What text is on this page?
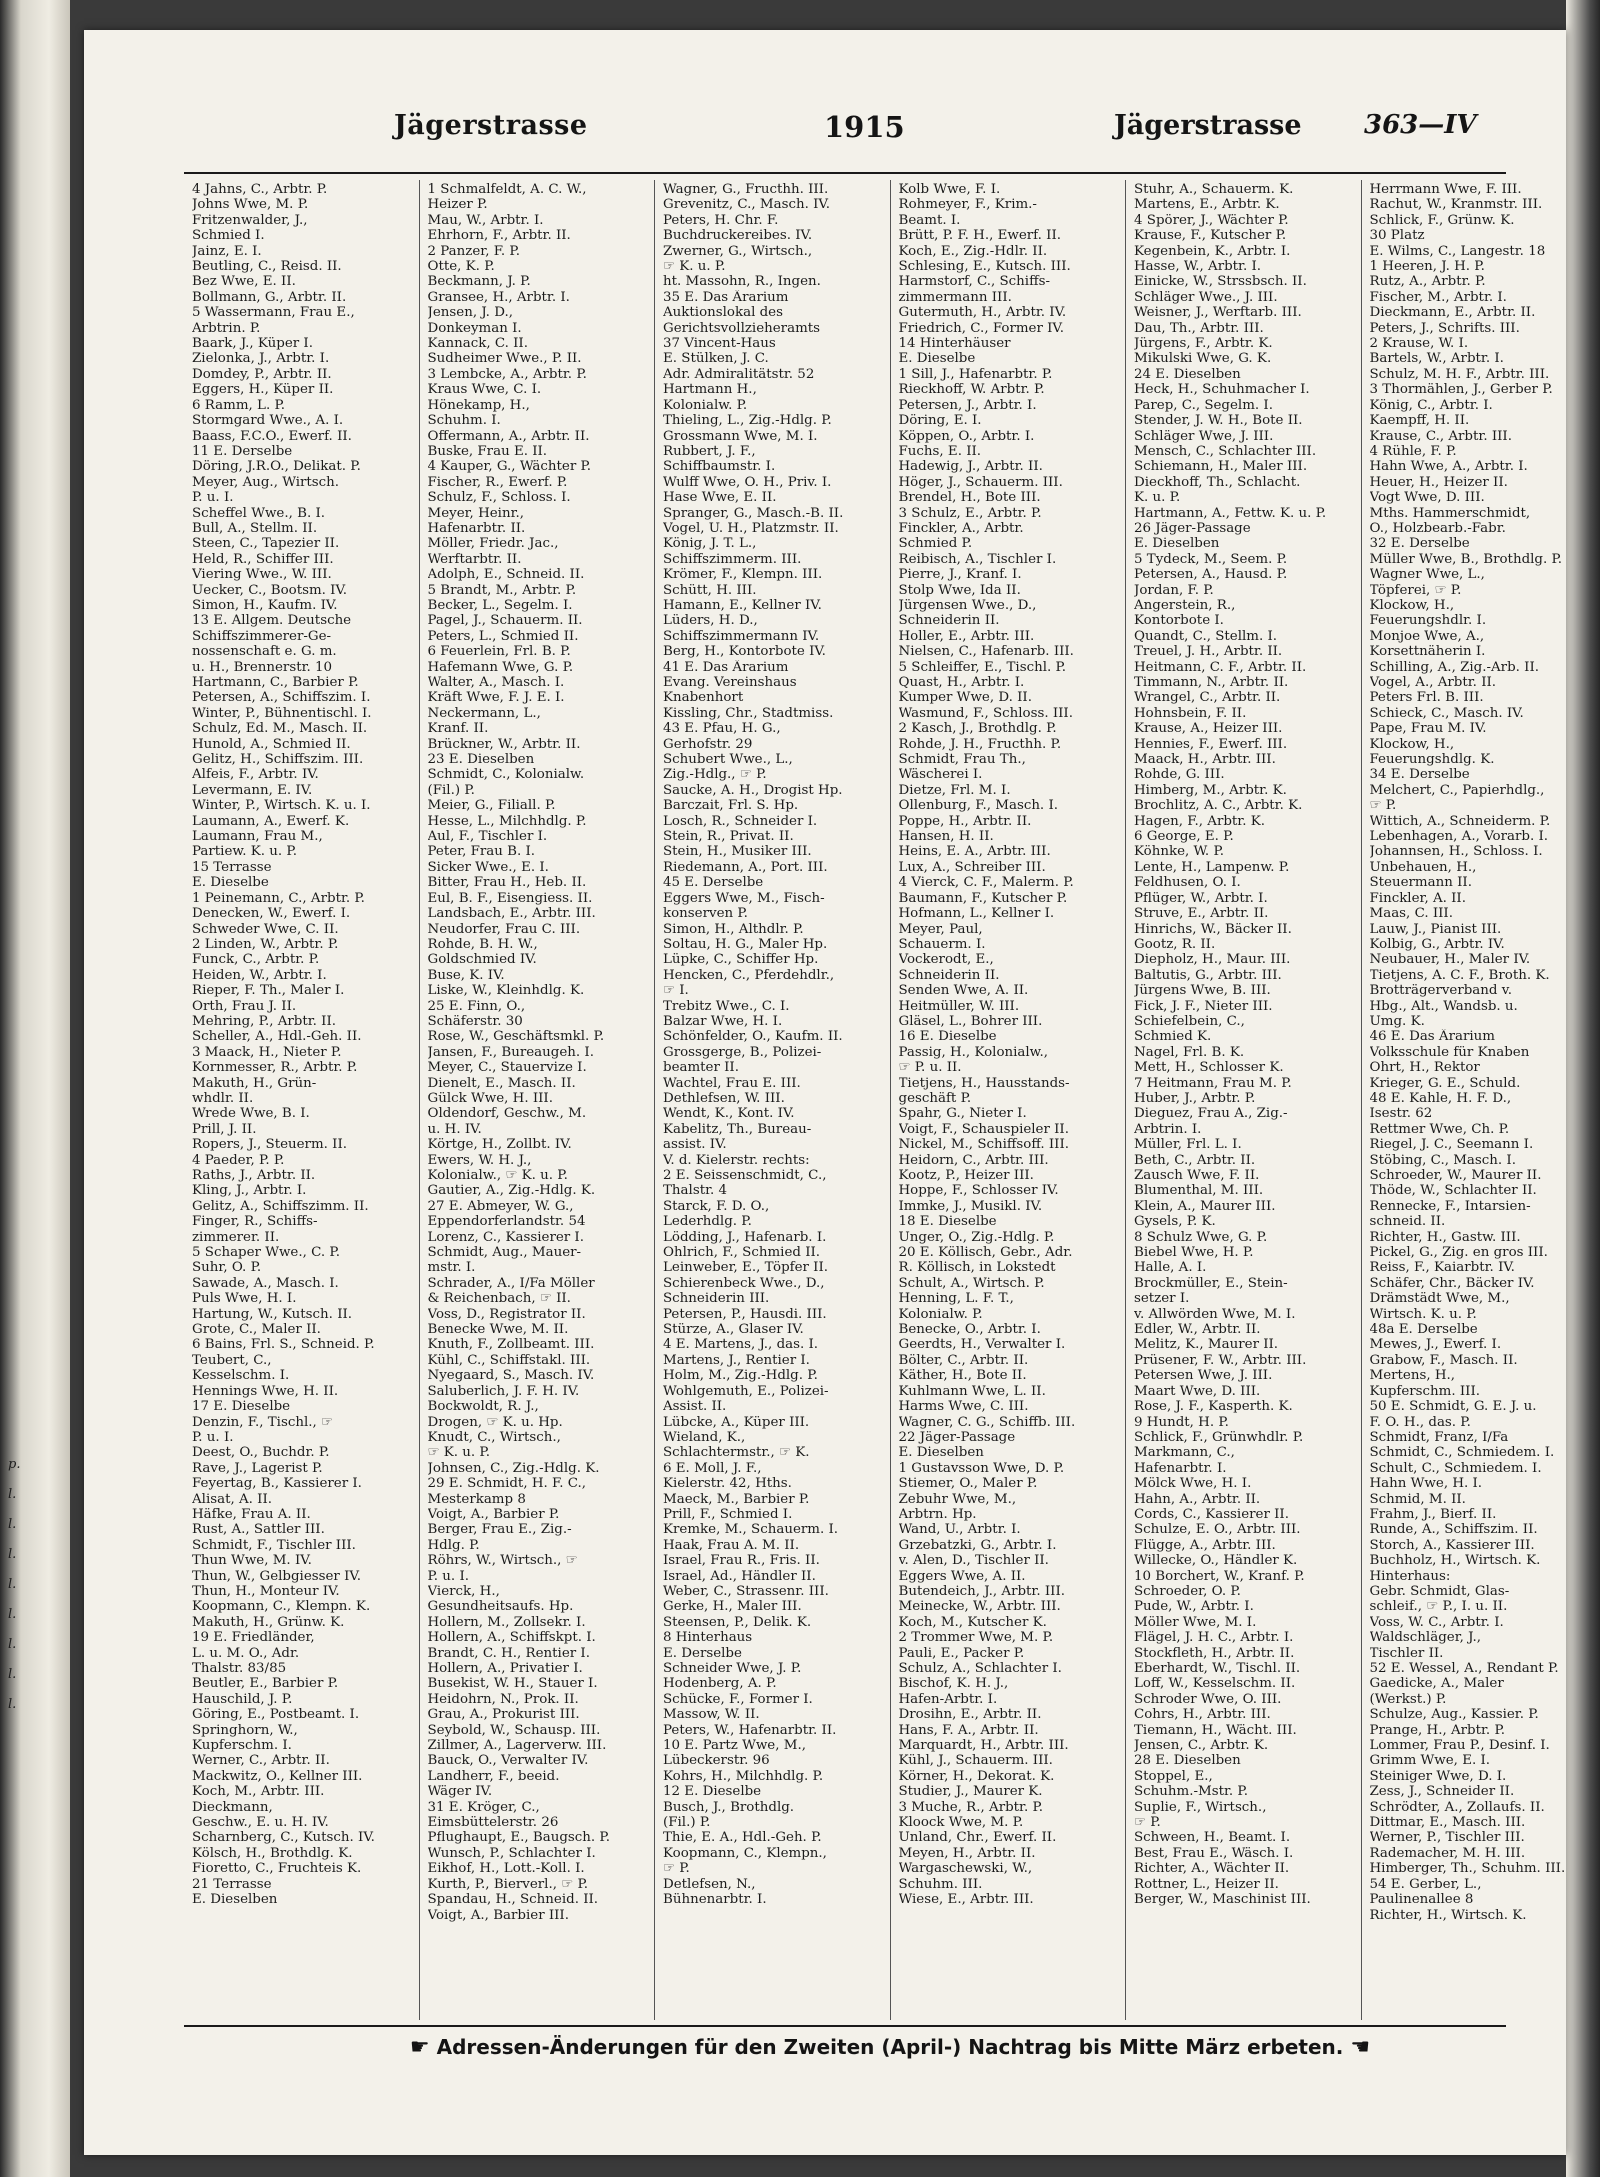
p.
l.
l.
l.
l.
l.
l.
l.
l.
Jägerstrasse	1915	Jägerstrasse 363—IV
4 Jahns, C., Arbtr. P.
Johns Wwe, M. P.
Fritzenwalder, J.,
Schmied I.
Jainz, E. I.
Beutling, C., Reisd. II.
Bez Wwe, E. II.
Bollmann, G., Arbtr. II.
5 Wassermann, Frau E.,
Arbtrin. P.
Baark, J., Küper I.
Zielonka, J., Arbtr. I.
Domdey, P., Arbtr. II.
Eggers, H., Küper II.
6 Ramm, L. P.
Stormgard Wwe., A. I.
Baass, F.C.O., Ewerf. II.
11 E. Derselbe
Döring, J.R.O., Delikat. P.
Meyer, Aug., Wirtsch.
P. u. I.
Scheffel Wwe., B. I.
Bull, A., Stellm. II.
Steen, C., Tapezier II.
Held, R., Schiffer III.
Viering Wwe., W. III.
Uecker, C., Bootsm. IV.
Simon, H., Kaufm. IV.
13 E. Allgem. Deutsche
Schiffszimmerer-Ge-
nossenschaft e. G. m.
u. H., Brennerstr. 10
Hartmann, C., Barbier P.
Petersen, A., Schiffszim. I.
Winter, P., Bühnentischl. I.
Schulz, Ed. M., Masch. II.
Hunold, A., Schmied II.
Gelitz, H., Schiffszim. III.
Alfeis, F., Arbtr. IV.
Levermann, E. IV.
Winter, P., Wirtsch. K. u. I.
Laumann, A., Ewerf. K.
Laumann, Frau M.,
Partiew. K. u. P.
15 Terrasse
E. Dieselbe
1 Peinemann, C., Arbtr. P.
Denecken, W., Ewerf. I.
Schweder Wwe, C. II.
2 Linden, W., Arbtr. P.
Funck, C., Arbtr. P.
Heiden, W., Arbtr. I.
Rieper, F. Th., Maler I.
Orth, Frau J. II.
Mehring, P., Arbtr. II.
Scheller, A., Hdl.-Geh. II.
3 Maack, H., Nieter P.
Kornmesser, R., Arbtr. P.
Makuth, H., Grün-
whdlr. II.
Wrede Wwe, B. I.
Prill, J. II.
Ropers, J., Steuerm. II.
4 Paeder, P. P.
Raths, J., Arbtr. II.
Kling, J., Arbtr. I.
Gelitz, A., Schiffszimm. II.
Finger, R., Schiffs-
zimmerer. II.
5 Schaper Wwe., C. P.
Suhr, O. P.
Sawade, A., Masch. I.
Puls Wwe, H. I.
Hartung, W., Kutsch. II.
Grote, C., Maler II.
6 Bains, Frl. S., Schneid. P.
Teubert, C.,
Kesselschm. I.
Hennings Wwe, H. II.
17 E. Dieselbe
Denzin, F., Tischl., ☞
P. u. I.
Deest, O., Buchdr. P.
Rave, J., Lagerist P.
Feyertag, B., Kassierer I.
Alisat, A. II.
Häfke, Frau A. II.
Rust, A., Sattler III.
Schmidt, F., Tischler III.
Thun Wwe, M. IV.
Thun, W., Gelbgiesser IV.
Thun, H., Monteur IV.
Koopmann, C., Klempn. K.
Makuth, H., Grünw. K.
19 E. Friedländer,
L. u. M. O., Adr.
Thalstr. 83/85
Beutler, E., Barbier P.
Hauschild, J. P.
Göring, E., Postbeamt. I.
Springhorn, W.,
Kupferschm. I.
Werner, C., Arbtr. II.
Mackwitz, O., Kellner III.
Koch, M., Arbtr. III.
Dieckmann,
Geschw., E. u. H. IV.
Scharnberg, C., Kutsch. IV.
Kölsch, H., Brothdlg. K.
Fioretto, C., Fruchteis K.
21 Terrasse
E. Dieselben
1 Schmalfeldt, A. C. W.,
Heizer P.
Mau, W., Arbtr. I.
Ehrhorn, F., Arbtr. II.
2 Panzer, F. P.
Otte, K. P.
Beckmann, J. P.
Gransee, H., Arbtr. I.
Jensen, J. D.,
Donkeyman I.
Kannack, C. II.
Sudheimer Wwe., P. II.
3 Lembcke, A., Arbtr. P.
Kraus Wwe, C. I.
Hönekamp, H.,
Schuhm. I.
Offermann, A., Arbtr. II.
Buske, Frau E. II.
4 Kauper, G., Wächter P.
Fischer, R., Ewerf. P.
Schulz, F., Schloss. I.
Meyer, Heinr.,
Hafenarbtr. II.
Möller, Friedr. Jac.,
Werftarbtr. II.
Adolph, E., Schneid. II.
5 Brandt, M., Arbtr. P.
Becker, L., Segelm. I.
Pagel, J., Schauerm. II.
Peters, L., Schmied II.
6 Feuerlein, Frl. B. P.
Hafemann Wwe, G. P.
Walter, A., Masch. I.
Kräft Wwe, F. J. E. I.
Neckermann, L.,
Kranf. II.
Brückner, W., Arbtr. II.
23 E. Dieselben
Schmidt, C., Kolonialw.
(Fil.) P.
Meier, G., Filiall. P.
Hesse, L., Milchhdlg. P.
Aul, F., Tischler I.
Peter, Frau B. I.
Sicker Wwe., E. I.
Bitter, Frau H., Heb. II.
Eul, B. F., Eisengiess. II.
Landsbach, E., Arbtr. III.
Neudorfer, Frau C. III.
Rohde, B. H. W.,
Goldschmied IV.
Buse, K. IV.
Liske, W., Kleinhdlg. K.
25 E. Finn, O.,
Schäferstr. 30
Rose, W., Geschäftsmkl. P.
Jansen, F., Bureaugeh. I.
Meyer, C., Stauervize I.
Dienelt, E., Masch. II.
Gülck Wwe, H. III.
Oldendorf, Geschw., M.
u. H. IV.
Körtge, H., Zollbt. IV.
Ewers, W. H. J.,
Kolonialw., ☞ K. u. P.
Gautier, A., Zig.-Hdlg. K.
27 E. Abmeyer, W. G.,
Eppendorferlandstr. 54
Lorenz, C., Kassierer I.
Schmidt, Aug., Mauer-
mstr. I.
Schrader, A., I/Fa Möller
& Reichenbach, ☞ II.
Voss, D., Registrator II.
Benecke Wwe, M. II.
Knuth, F., Zollbeamt. III.
Kühl, C., Schiffstakl. III.
Nyegaard, S., Masch. IV.
Saluberlich, J. F. H. IV.
Bockwoldt, R. J.,
Drogen, ☞ K. u. Hp.
Knudt, C., Wirtsch.,
☞ K. u. P.
Johnsen, C., Zig.-Hdlg. K.
29 E. Schmidt, H. F. C.,
Mesterkamp 8
Voigt, A., Barbier P.
Berger, Frau E., Zig.-
Hdlg. P.
Röhrs, W., Wirtsch., ☞
P. u. I.
Vierck, H.,
Gesundheitsaufs. Hp.
Hollern, M., Zollsekr. I.
Hollern, A., Schiffskpt. I.
Brandt, C. H., Rentier I.
Hollern, A., Privatier I.
Busekist, W. H., Stauer I.
Heidohrn, N., Prok. II.
Grau, A., Prokurist III.
Seybold, W., Schausp. III.
Zillmer, A., Lagerverw. III.
Bauck, O., Verwalter IV.
Landherr, F., beeid.
Wäger IV.
31 E. Kröger, C.,
Eimsbüttelerstr. 26
Pflughaupt, E., Baugsch. P.
Wunsch, P., Schlachter I.
Eikhof, H., Lott.-Koll. I.
Kurth, P., Bierverl., ☞ P.
Spandau, H., Schneid. II.
Voigt, A., Barbier III.
Wagner, G., Fructhh. III.
Grevenitz, C., Masch. IV.
Peters, H. Chr. F.
Buchdruckereibes. IV.
Zwerner, G., Wirtsch.,
☞ K. u. P.
ht. Massohn, R., Ingen.
35 E. Das Ärarium
Auktionslokal des
Gerichtsvollzieheramts
37 Vincent-Haus
E. Stülken, J. C.
Adr. Admiralitätstr. 52
Hartmann H.,
Kolonialw. P.
Thieling, L., Zig.-Hdlg. P.
Grossmann Wwe, M. I.
Rubbert, J. F.,
Schiffbaumstr. I.
Wulff Wwe, O. H., Priv. I.
Hase Wwe, E. II.
Spranger, G., Masch.-B. II.
Vogel, U. H., Platzmstr. II.
König, J. T. L.,
Schiffszimmerm. III.
Krömer, F., Klempn. III.
Schütt, H. III.
Hamann, E., Kellner IV.
Lüders, H. D.,
Schiffszimmermann IV.
Berg, H., Kontorbote IV.
41 E. Das Ärarium
Evang. Vereinshaus
Knabenhort
Kissling, Chr., Stadtmiss.
43 E. Pfau, H. G.,
Gerhofstr. 29
Schubert Wwe., L.,
Zig.-Hdlg., ☞ P.
Saucke, A. H., Drogist Hp.
Barczait, Frl. S. Hp.
Losch, R., Schneider I.
Stein, R., Privat. II.
Stein, H., Musiker III.
Riedemann, A., Port. III.
45 E. Derselbe
Eggers Wwe, M., Fisch-
konserven P.
Simon, H., Althdlr. P.
Soltau, H. G., Maler Hp.
Lüpke, C., Schiffer Hp.
Hencken, C., Pferdehdlr.,
☞ I.
Trebitz Wwe., C. I.
Balzar Wwe, H. I.
Schönfelder, O., Kaufm. II.
Grossgerge, B., Polizei-
beamter II.
Wachtel, Frau E. III.
Dethlefsen, W. III.
Wendt, K., Kont. IV.
Kabelitz, Th., Bureau-
assist. IV.
V. d. Kielerstr. rechts:
2 E. Seissenschmidt, C.,
Thalstr. 4
Starck, F. D. O.,
Lederhdlg. P.
Lödding, J., Hafenarb. I.
Ohlrich, F., Schmied II.
Leinweber, E., Töpfer II.
Schierenbeck Wwe., D.,
Schneiderin III.
Petersen, P., Hausdi. III.
Stürze, A., Glaser IV.
4 E. Martens, J., das. I.
Martens, J., Rentier I.
Holm, M., Zig.-Hdlg. P.
Wohlgemuth, E., Polizei-
Assist. II.
Lübcke, A., Küper III.
Wieland, K.,
Schlachtermstr., ☞ K.
6 E. Moll, J. F.,
Kielerstr. 42, Hths.
Maeck, M., Barbier P.
Prill, F., Schmied I.
Kremke, M., Schauerm. I.
Haak, Frau A. M. II.
Israel, Frau R., Fris. II.
Israel, Ad., Händler II.
Weber, C., Strassenr. III.
Gerke, H., Maler III.
Steensen, P., Delik. K.
8 Hinterhaus
E. Derselbe
Schneider Wwe, J. P.
Hodenberg, A. P.
Schücke, F., Former I.
Massow, W. II.
Peters, W., Hafenarbtr. II.
10 E. Partz Wwe, M.,
Lübeckerstr. 96
Kohrs, H., Milchhdlg. P.
12 E. Dieselbe
Busch, J., Brothdlg.
(Fil.) P.
Thie, E. A., Hdl.-Geh. P.
Koopmann, C., Klempn.,
☞ P.
Detlefsen, N.,
Bühnenarbtr. I.
Kolb Wwe, F. I.
Rohmeyer, F., Krim.-
Beamt. I.
Brütt, P. F. H., Ewerf. II.
Koch, E., Zig.-Hdlr. II.
Schlesing, E., Kutsch. III.
Harmstorf, C., Schiffs-
zimmermann III.
Gutermuth, H., Arbtr. IV.
Friedrich, C., Former IV.
14 Hinterhäuser
E. Dieselbe
1 Sill, J., Hafenarbtr. P.
Rieckhoff, W. Arbtr. P.
Petersen, J., Arbtr. I.
Döring, E. I.
Köppen, O., Arbtr. I.
Fuchs, E. II.
Hadewig, J., Arbtr. II.
Höger, J., Schauerm. III.
Brendel, H., Bote III.
3 Schulz, E., Arbtr. P.
Finckler, A., Arbtr.
Schmied P.
Reibisch, A., Tischler I.
Pierre, J., Kranf. I.
Stolp Wwe, Ida II.
Jürgensen Wwe., D.,
Schneiderin II.
Holler, E., Arbtr. III.
Nielsen, C., Hafenarb. III.
5 Schleiffer, E., Tischl. P.
Quast, H., Arbtr. I.
Kumper Wwe, D. II.
Wasmund, F., Schloss. III.
2 Kasch, J., Brothdlg. P.
Rohde, J. H., Fructhh. P.
Schmidt, Frau Th.,
Wäscherei I.
Dietze, Frl. M. I.
Ollenburg, F., Masch. I.
Poppe, H., Arbtr. II.
Hansen, H. II.
Heins, E. A., Arbtr. III.
Lux, A., Schreiber III.
4 Vierck, C. F., Malerm. P.
Baumann, F., Kutscher P.
Hofmann, L., Kellner I.
Meyer, Paul,
Schauerm. I.
Vockerodt, E.,
Schneiderin II.
Senden Wwe, A. II.
Heitmüller, W. III.
Gläsel, L., Bohrer III.
16 E. Dieselbe
Passig, H., Kolonialw.,
☞ P. u. II.
Tietjens, H., Hausstands-
geschäft P.
Spahr, G., Nieter I.
Voigt, F., Schauspieler II.
Nickel, M., Schiffsoff. III.
Heidorn, C., Arbtr. III.
Kootz, P., Heizer III.
Hoppe, F., Schlosser IV.
Immke, J., Musikl. IV.
18 E. Dieselbe
Unger, O., Zig.-Hdlg. P.
20 E. Köllisch, Gebr., Adr.
R. Köllisch, in Lokstedt
Schult, A., Wirtsch. P.
Henning, L. F. T.,
Kolonialw. P.
Benecke, O., Arbtr. I.
Geerdts, H., Verwalter I.
Bölter, C., Arbtr. II.
Käther, H., Bote II.
Kuhlmann Wwe, L. II.
Harms Wwe, C. III.
Wagner, C. G., Schiffb. III.
22 Jäger-Passage
E. Dieselben
1 Gustavsson Wwe, D. P.
Stiemer, O., Maler P.
Zebuhr Wwe, M.,
Arbtrn. Hp.
Wand, U., Arbtr. I.
Grzebatzki, G., Arbtr. I.
v. Alen, D., Tischler II.
Eggers Wwe, A. II.
Butendeich, J., Arbtr. III.
Meinecke, W., Arbtr. III.
Koch, M., Kutscher K.
2 Trommer Wwe, M. P.
Pauli, E., Packer P.
Schulz, A., Schlachter I.
Bischof, K. H. J.,
Hafen-Arbtr. I.
Drosihn, E., Arbtr. II.
Hans, F. A., Arbtr. II.
Marquardt, H., Arbtr. III.
Kühl, J., Schauerm. III.
Körner, H., Dekorat. K.
Studier, J., Maurer K.
3 Muche, R., Arbtr. P.
Kloock Wwe, M. P.
Unland, Chr., Ewerf. II.
Meyen, H., Arbtr. II.
Wargaschewski, W.,
Schuhm. III.
Wiese, E., Arbtr. III.
Stuhr, A., Schauerm. K.
Martens, E., Arbtr. K.
4 Spörer, J., Wächter P.
Krause, F., Kutscher P.
Kegenbein, K., Arbtr. I.
Hasse, W., Arbtr. I.
Einicke, W., Strssbsch. II.
Schläger Wwe., J. III.
Weisner, J., Werftarb. III.
Dau, Th., Arbtr. III.
Jürgens, F., Arbtr. K.
Mikulski Wwe, G. K.
24 E. Dieselben
Heck, H., Schuhmacher I.
Parep, C., Segelm. I.
Stender, J. W. H., Bote II.
Schläger Wwe, J. III.
Mensch, C., Schlachter III.
Schiemann, H., Maler III.
Dieckhoff, Th., Schlacht.
K. u. P.
Hartmann, A., Fettw. K. u. P.
26 Jäger-Passage
E. Dieselben
5 Tydeck, M., Seem. P.
Petersen, A., Hausd. P.
Jordan, F. P.
Angerstein, R.,
Kontorbote I.
Quandt, C., Stellm. I.
Treuel, J. H., Arbtr. II.
Heitmann, C. F., Arbtr. II.
Timmann, N., Arbtr. II.
Wrangel, C., Arbtr. II.
Hohnsbein, F. II.
Krause, A., Heizer III.
Hennies, F., Ewerf. III.
Maack, H., Arbtr. III.
Rohde, G. III.
Himberg, M., Arbtr. K.
Brochlitz, A. C., Arbtr. K.
Hagen, F., Arbtr. K.
6 George, E. P.
Köhnke, W. P.
Lente, H., Lampenw. P.
Feldhusen, O. I.
Pflüger, W., Arbtr. I.
Struve, E., Arbtr. II.
Hinrichs, W., Bäcker II.
Gootz, R. II.
Diepholz, H., Maur. III.
Baltutis, G., Arbtr. III.
Jürgens Wwe, B. III.
Fick, J. F., Nieter III.
Schiefelbein, C.,
Schmied K.
Nagel, Frl. B. K.
Mett, H., Schlosser K.
7 Heitmann, Frau M. P.
Huber, J., Arbtr. P.
Dieguez, Frau A., Zig.-
Arbtrin. I.
Müller, Frl. L. I.
Beth, C., Arbtr. II.
Zausch Wwe, F. II.
Blumenthal, M. III.
Klein, A., Maurer III.
Gysels, P. K.
8 Schulz Wwe, G. P.
Biebel Wwe, H. P.
Halle, A. I.
Brockmüller, E., Stein-
setzer I.
v. Allwörden Wwe, M. I.
Edler, W., Arbtr. II.
Melitz, K., Maurer II.
Prüsener, F. W., Arbtr. III.
Petersen Wwe, J. III.
Maart Wwe, D. III.
Rose, J. F., Kasperth. K.
9 Hundt, H. P.
Schlick, F., Grünwhdlr. P.
Markmann, C.,
Hafenarbtr. I.
Mölck Wwe, H. I.
Hahn, A., Arbtr. II.
Cords, C., Kassierer II.
Schulze, E. O., Arbtr. III.
Flügge, A., Arbtr. III.
Willecke, O., Händler K.
10 Borchert, W., Kranf. P.
Schroeder, O. P.
Pude, W., Arbtr. I.
Möller Wwe, M. I.
Flägel, J. H. C., Arbtr. I.
Stockfleth, H., Arbtr. II.
Eberhardt, W., Tischl. II.
Loff, W., Kesselschm. II.
Schroder Wwe, O. III.
Cohrs, H., Arbtr. III.
Tiemann, H., Wächt. III.
Jensen, C., Arbtr. K.
28 E. Dieselben
Stoppel, E.,
Schuhm.-Mstr. P.
Suplie, F., Wirtsch.,
☞ P.
Schween, H., Beamt. I.
Best, Frau E., Wäsch. I.
Richter, A., Wächter II.
Rottner, L., Heizer II.
Berger, W., Maschinist III.
Herrmann Wwe, F. III.
Rachut, W., Kranmstr. III.
Schlick, F., Grünw. K.
30 Platz
E. Wilms, C., Langestr. 18
1 Heeren, J. H. P.
Rutz, A., Arbtr. P.
Fischer, M., Arbtr. I.
Dieckmann, E., Arbtr. II.
Peters, J., Schrifts. III.
2 Krause, W. I.
Bartels, W., Arbtr. I.
Schulz, M. H. F., Arbtr. III.
3 Thormählen, J., Gerber P.
König, C., Arbtr. I.
Kaempff, H. II.
Krause, C., Arbtr. III.
4 Rühle, F. P.
Hahn Wwe, A., Arbtr. I.
Heuer, H., Heizer II.
Vogt Wwe, D. III.
Mths. Hammerschmidt,
O., Holzbearb.-Fabr.
32 E. Derselbe
Müller Wwe, B., Brothdlg. P.
Wagner Wwe, L.,
Töpferei, ☞ P.
Klockow, H.,
Feuerungshdlr. I.
Monjoe Wwe, A.,
Korsettnäherin I.
Schilling, A., Zig.-Arb. II.
Vogel, A., Arbtr. II.
Peters Frl. B. III.
Schieck, C., Masch. IV.
Pape, Frau M. IV.
Klockow, H.,
Feuerungshdlg. K.
34 E. Derselbe
Melchert, C., Papierhdlg.,
☞ P.
Wittich, A., Schneiderm. P.
Lebenhagen, A., Vorarb. I.
Johannsen, H., Schloss. I.
Unbehauen, H.,
Steuermann II.
Finckler, A. II.
Maas, C. III.
Lauw, J., Pianist III.
Kolbig, G., Arbtr. IV.
Neubauer, H., Maler IV.
Tietjens, A. C. F., Broth. K.
Brotträgerverband v.
Hbg., Alt., Wandsb. u.
Umg. K.
46 E. Das Ärarium
Volksschule für Knaben
Ohrt, H., Rektor
Krieger, G. E., Schuld.
48 E. Kahle, H. F. D.,
Isestr. 62
Rettmer Wwe, Ch. P.
Riegel, J. C., Seemann I.
Stöbing, C., Masch. I.
Schroeder, W., Maurer II.
Thöde, W., Schlachter II.
Rennecke, F., Intarsien-
schneid. II.
Richter, H., Gastw. III.
Pickel, G., Zig. en gros III.
Reiss, F., Kaiarbtr. IV.
Schäfer, Chr., Bäcker IV.
Drämstädt Wwe, M.,
Wirtsch. K. u. P.
48a E. Derselbe
Mewes, J., Ewerf. I.
Grabow, F., Masch. II.
Mertens, H.,
Kupferschm. III.
50 E. Schmidt, G. E. J. u.
F. O. H., das. P.
Schmidt, Franz, I/Fa
Schmidt, C., Schmiedem. I.
Schult, C., Schmiedem. I.
Hahn Wwe, H. I.
Schmid, M. II.
Frahm, J., Bierf. II.
Runde, A., Schiffszim. II.
Storch, A., Kassierer III.
Buchholz, H., Wirtsch. K.
Hinterhaus:
Gebr. Schmidt, Glas-
schleif., ☞ P., I. u. II.
Voss, W. C., Arbtr. I.
Waldschläger, J.,
Tischler II.
52 E. Wessel, A., Rendant P.
Gaedicke, A., Maler
(Werkst.) P.
Schulze, Aug., Kassier. P.
Prange, H., Arbtr. P.
Lommer, Frau P., Desinf. I.
Grimm Wwe, E. I.
Steiniger Wwe, D. I.
Zess, J., Schneider II.
Schrödter, A., Zollaufs. II.
Dittmar, E., Masch. III.
Werner, P., Tischler III.
Rademacher, M. H. III.
Himberger, Th., Schuhm. III.
54 E. Gerber, L.,
Paulinenallee 8
Richter, H., Wirtsch. K.
☛ Adressen-Änderungen für den Zweiten (April-) Nachtrag bis Mitte März erbeten. ☚
